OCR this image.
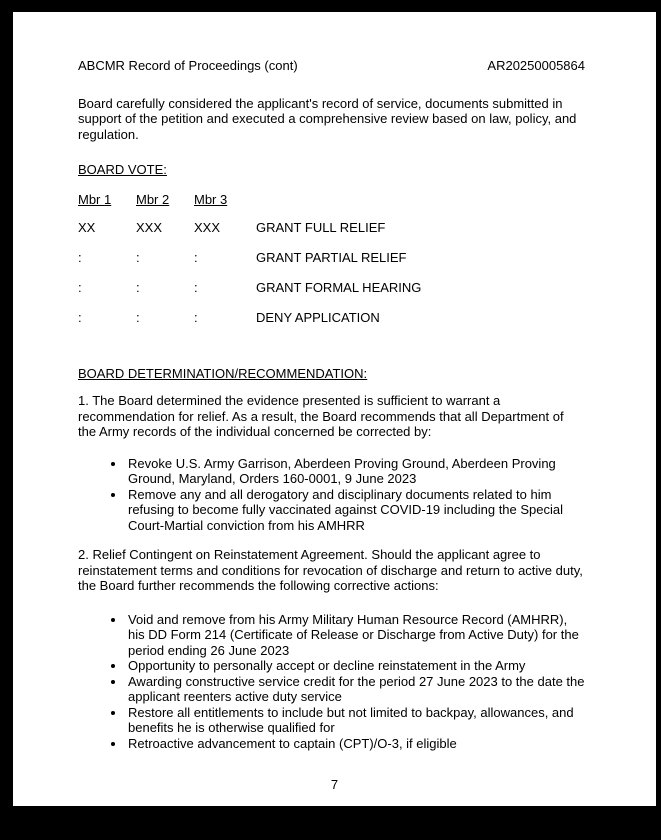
ABCMR Record of Proceedings (cont)	AR20250005864

Board carefully considered the applicant's record of service, documents submitted in support of the petition and executed a comprehensive review based on law, policy, and regulation.

BOARD VOTE:

Mbr 1	Mbr 2	Mbr 3	
XX	XXX	XXX	GRANT FULL RELIEF
:	:	:	GRANT PARTIAL RELIEF
:	:	:	GRANT FORMAL HEARING
:	:	:	DENY APPLICATION

BOARD DETERMINATION/RECOMMENDATION:

1. The Board determined the evidence presented is sufficient to warrant a recommendation for relief. As a result, the Board recommends that all Department of the Army records of the individual concerned be corrected by:

• Revoke U.S. Army Garrison, Aberdeen Proving Ground, Aberdeen Proving Ground, Maryland, Orders 160-0001, 9 June 2023
• Remove any and all derogatory and disciplinary documents related to him refusing to become fully vaccinated against COVID-19 including the Special Court-Martial conviction from his AMHRR

2. Relief Contingent on Reinstatement Agreement. Should the applicant agree to reinstatement terms and conditions for revocation of discharge and return to active duty, the Board further recommends the following corrective actions:

• Void and remove from his Army Military Human Resource Record (AMHRR), his DD Form 214 (Certificate of Release or Discharge from Active Duty) for the period ending 26 June 2023
• Opportunity to personally accept or decline reinstatement in the Army
• Awarding constructive service credit for the period 27 June 2023 to the date the applicant reenters active duty service
• Restore all entitlements to include but not limited to backpay, allowances, and benefits he is otherwise qualified for
• Retroactive advancement to captain (CPT)/O-3, if eligible
7
